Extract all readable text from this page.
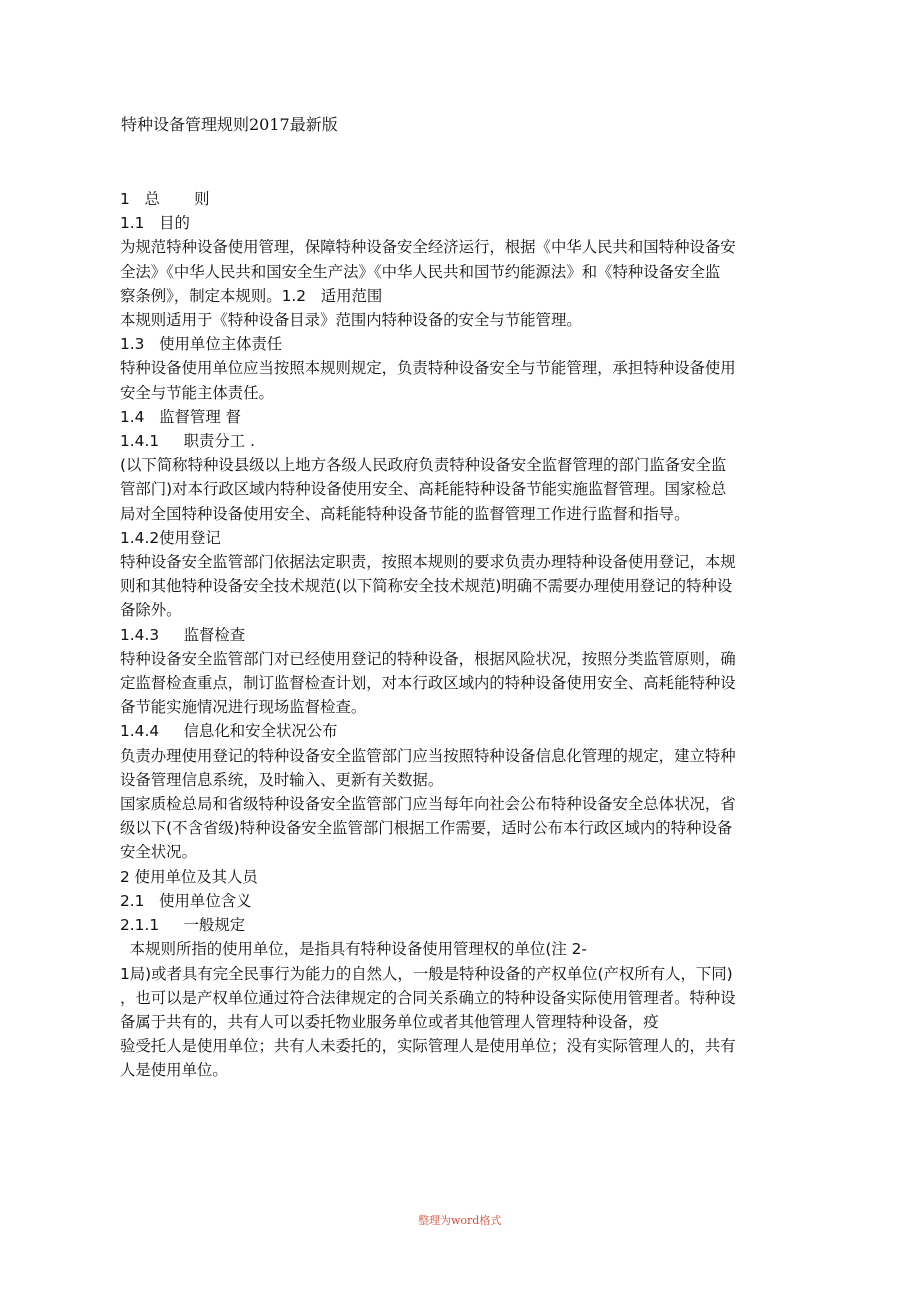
特种设备管理规则2017最新版

1   总       则

1.1   目的

为规范特种设备使用管理，保障特种设备安全经济运行，根据《中华人民共和国特种设备安

全法》《中华人民共和国安全生产法》《中华人民共和国节约能源法》和《特种设备安全监

察条例》，制定本规则。1.2   适用范围

本规则适用于《特种设备目录》范围内特种设备的安全与节能管理。

1.3   使用单位主体责任

特种设备使用单位应当按照本规则规定，负责特种设备安全与节能管理，承担特种设备使用

安全与节能主体责任。

1.4   监督管理 督

1.4.1     职责分工 .

(以下简称特种设县级以上地方各级人民政府负责特种设备安全监督管理的部门监备安全监

管部门)对本行政区域内特种设备使用安全、高耗能特种设备节能实施监督管理。国家检总

局对全国特种设备使用安全、高耗能特种设备节能的监督管理工作进行监督和指导。

1.4.2使用登记

特种设备安全监管部门依据法定职责，按照本规则的要求负责办理特种设备使用登记，本规

则和其他特种设备安全技术规范(以下简称安全技术规范)明确不需要办理使用登记的特种设

备除外。

1.4.3     监督检查

特种设备安全监管部门对已经使用登记的特种设备，根据风险状况，按照分类监管原则，确

定监督检查重点，制订监督检查计划，对本行政区域内的特种设备使用安全、高耗能特种设

备节能实施情况进行现场监督检查。

1.4.4     信息化和安全状况公布

负责办理使用登记的特种设备安全监管部门应当按照特种设备信息化管理的规定，建立特种

设备管理信息系统，及时输入、更新有关数据。

国家质检总局和省级特种设备安全监管部门应当每年向社会公布特种设备安全总体状况，省

级以下(不含省级)特种设备安全监管部门根据工作需要，适时公布本行政区域内的特种设备

安全状况。

2 使用单位及其人员

2.1   使用单位含义

2.1.1     一般规定

本规则所指的使用单位，是指具有特种设备使用管理权的单位(注 2-

1局)或者具有完全民事行为能力的自然人，一般是特种设备的产权单位(产权所有人，下同)

，也可以是产权单位通过符合法律规定的合同关系确立的特种设备实际使用管理者。特种设

备属于共有的，共有人可以委托物业服务单位或者其他管理人管理特种设备，疫

验受托人是使用单位；共有人未委托的，实际管理人是使用单位；没有实际管理人的，共有

人是使用单位。

整理为word格式
